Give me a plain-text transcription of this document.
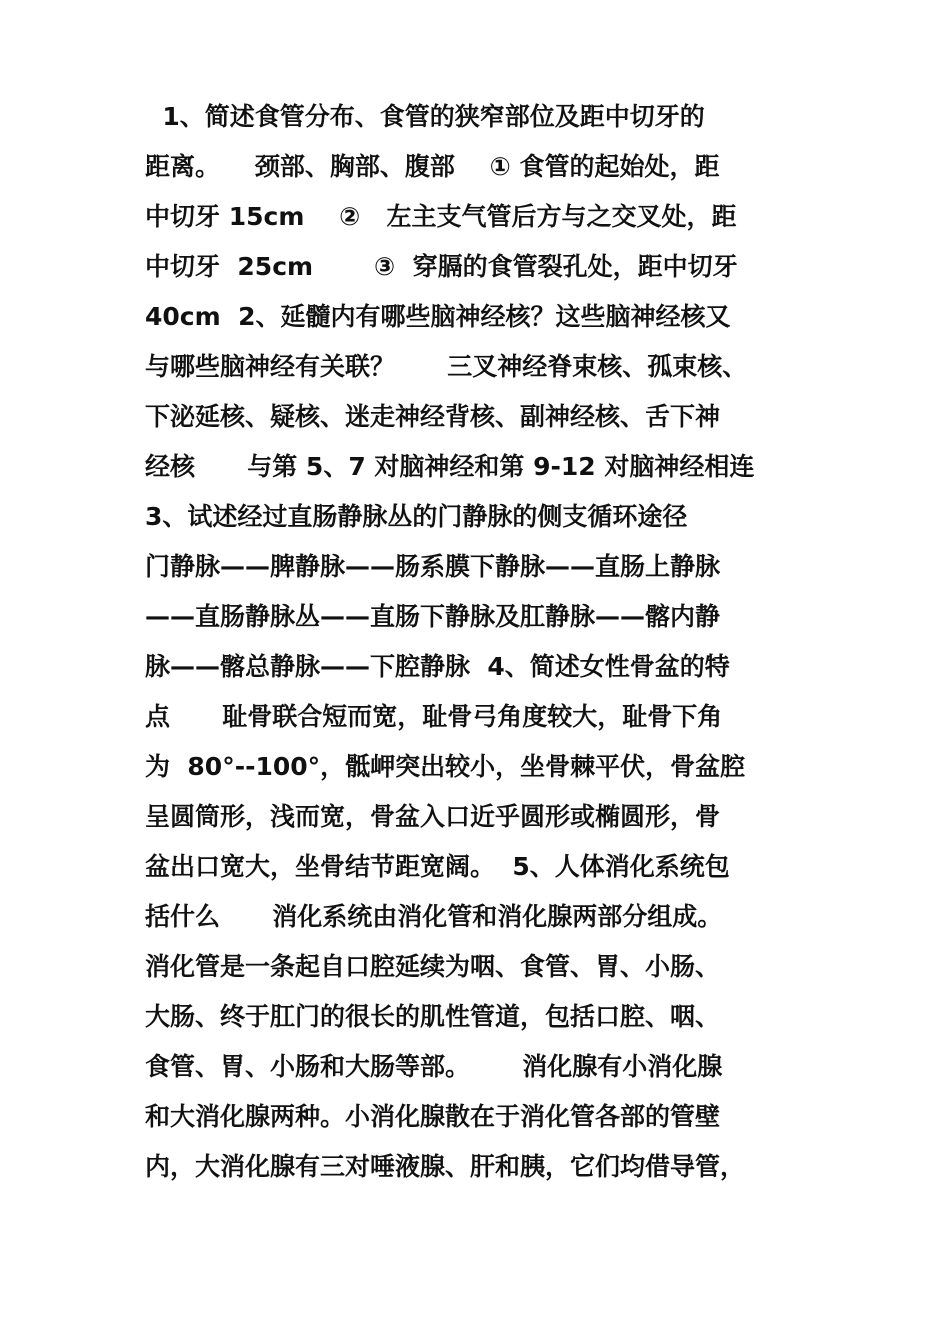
1、简述食管分布、食管的狭窄部位及距中切牙的
距离。    颈部、胸部、腹部    ① 食管的起始处，距
中切牙 15cm    ②   左主支气管后方与之交叉处，距
中切牙  25cm       ③  穿膈的食管裂孔处，距中切牙
40cm  2、延髓内有哪些脑神经核？这些脑神经核又
与哪些脑神经有关联？      三叉神经脊束核、孤束核、
下泌延核、疑核、迷走神经背核、副神经核、舌下神
经核      与第 5、7 对脑神经和第 9-12 对脑神经相连
3、试述经过直肠静脉丛的门静脉的侧支循环途径
门静脉——脾静脉——肠系膜下静脉——直肠上静脉
——直肠静脉丛——直肠下静脉及肛静脉——髂内静
脉——髂总静脉——下腔静脉  4、简述女性骨盆的特
点      耻骨联合短而宽，耻骨弓角度较大，耻骨下角
为  80°--100°，骶岬突出较小，坐骨棘平伏，骨盆腔
呈圆筒形，浅而宽，骨盆入口近乎圆形或椭圆形，骨
盆出口宽大，坐骨结节距宽阔。  5、人体消化系统包
括什么      消化系统由消化管和消化腺两部分组成。
消化管是一条起自口腔延续为咽、食管、胃、小肠、
大肠、终于肛门的很长的肌性管道，包括口腔、咽、
食管、胃、小肠和大肠等部。      消化腺有小消化腺
和大消化腺两种。小消化腺散在于消化管各部的管壁
内，大消化腺有三对唾液腺、肝和胰，它们均借导管，
